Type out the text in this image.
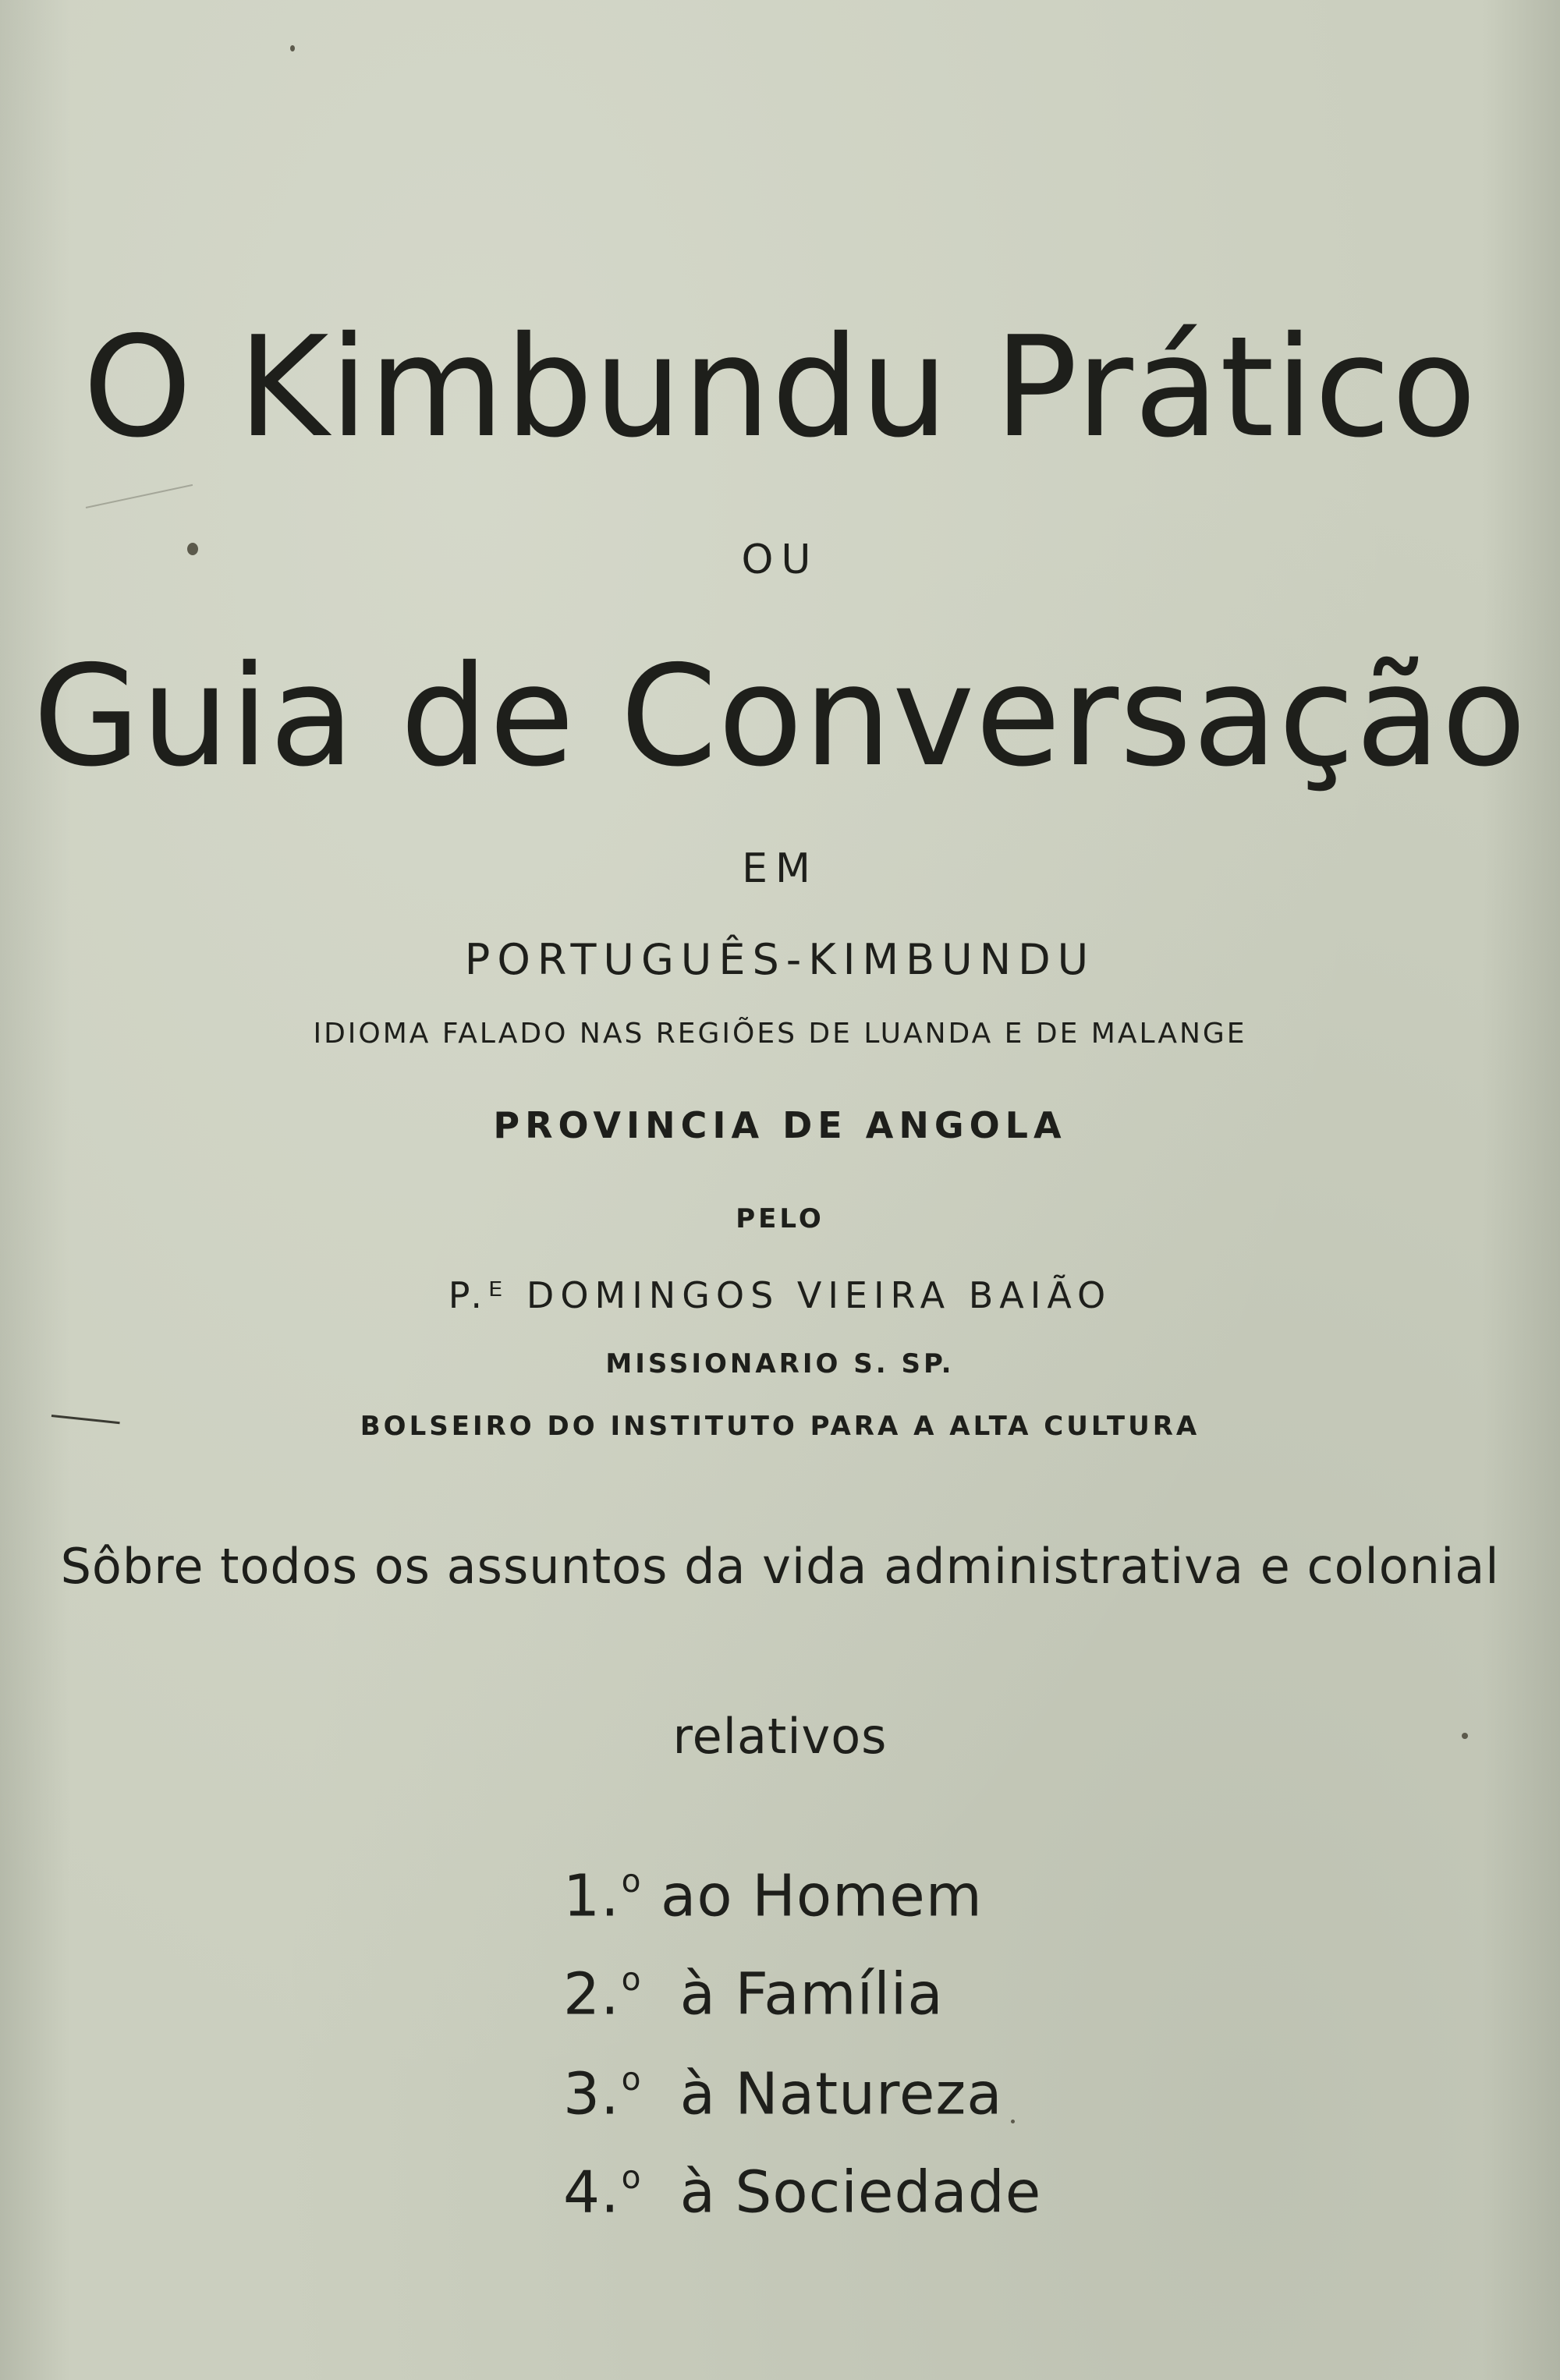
O Kimbundu Prático
OU
Guia de Conversação
EM
PORTUGUÊS-KIMBUNDU
IDIOMA FALADO NAS REGIÕES DE LUANDA E DE MALANGE
PROVINCIA DE ANGOLA
PELO
P.ᴱ DOMINGOS VIEIRA BAIÃO
MISSIONARIO S. SP.
BOLSEIRO DO INSTITUTO PARA A ALTA CULTURA
Sôbre todos os assuntos da vida administrativa e colonial
relativos
1.$^o$ ao Homem
2.$^o$ à Família
3.$^o$ à Natureza
4.$^o$ à Sociedade
